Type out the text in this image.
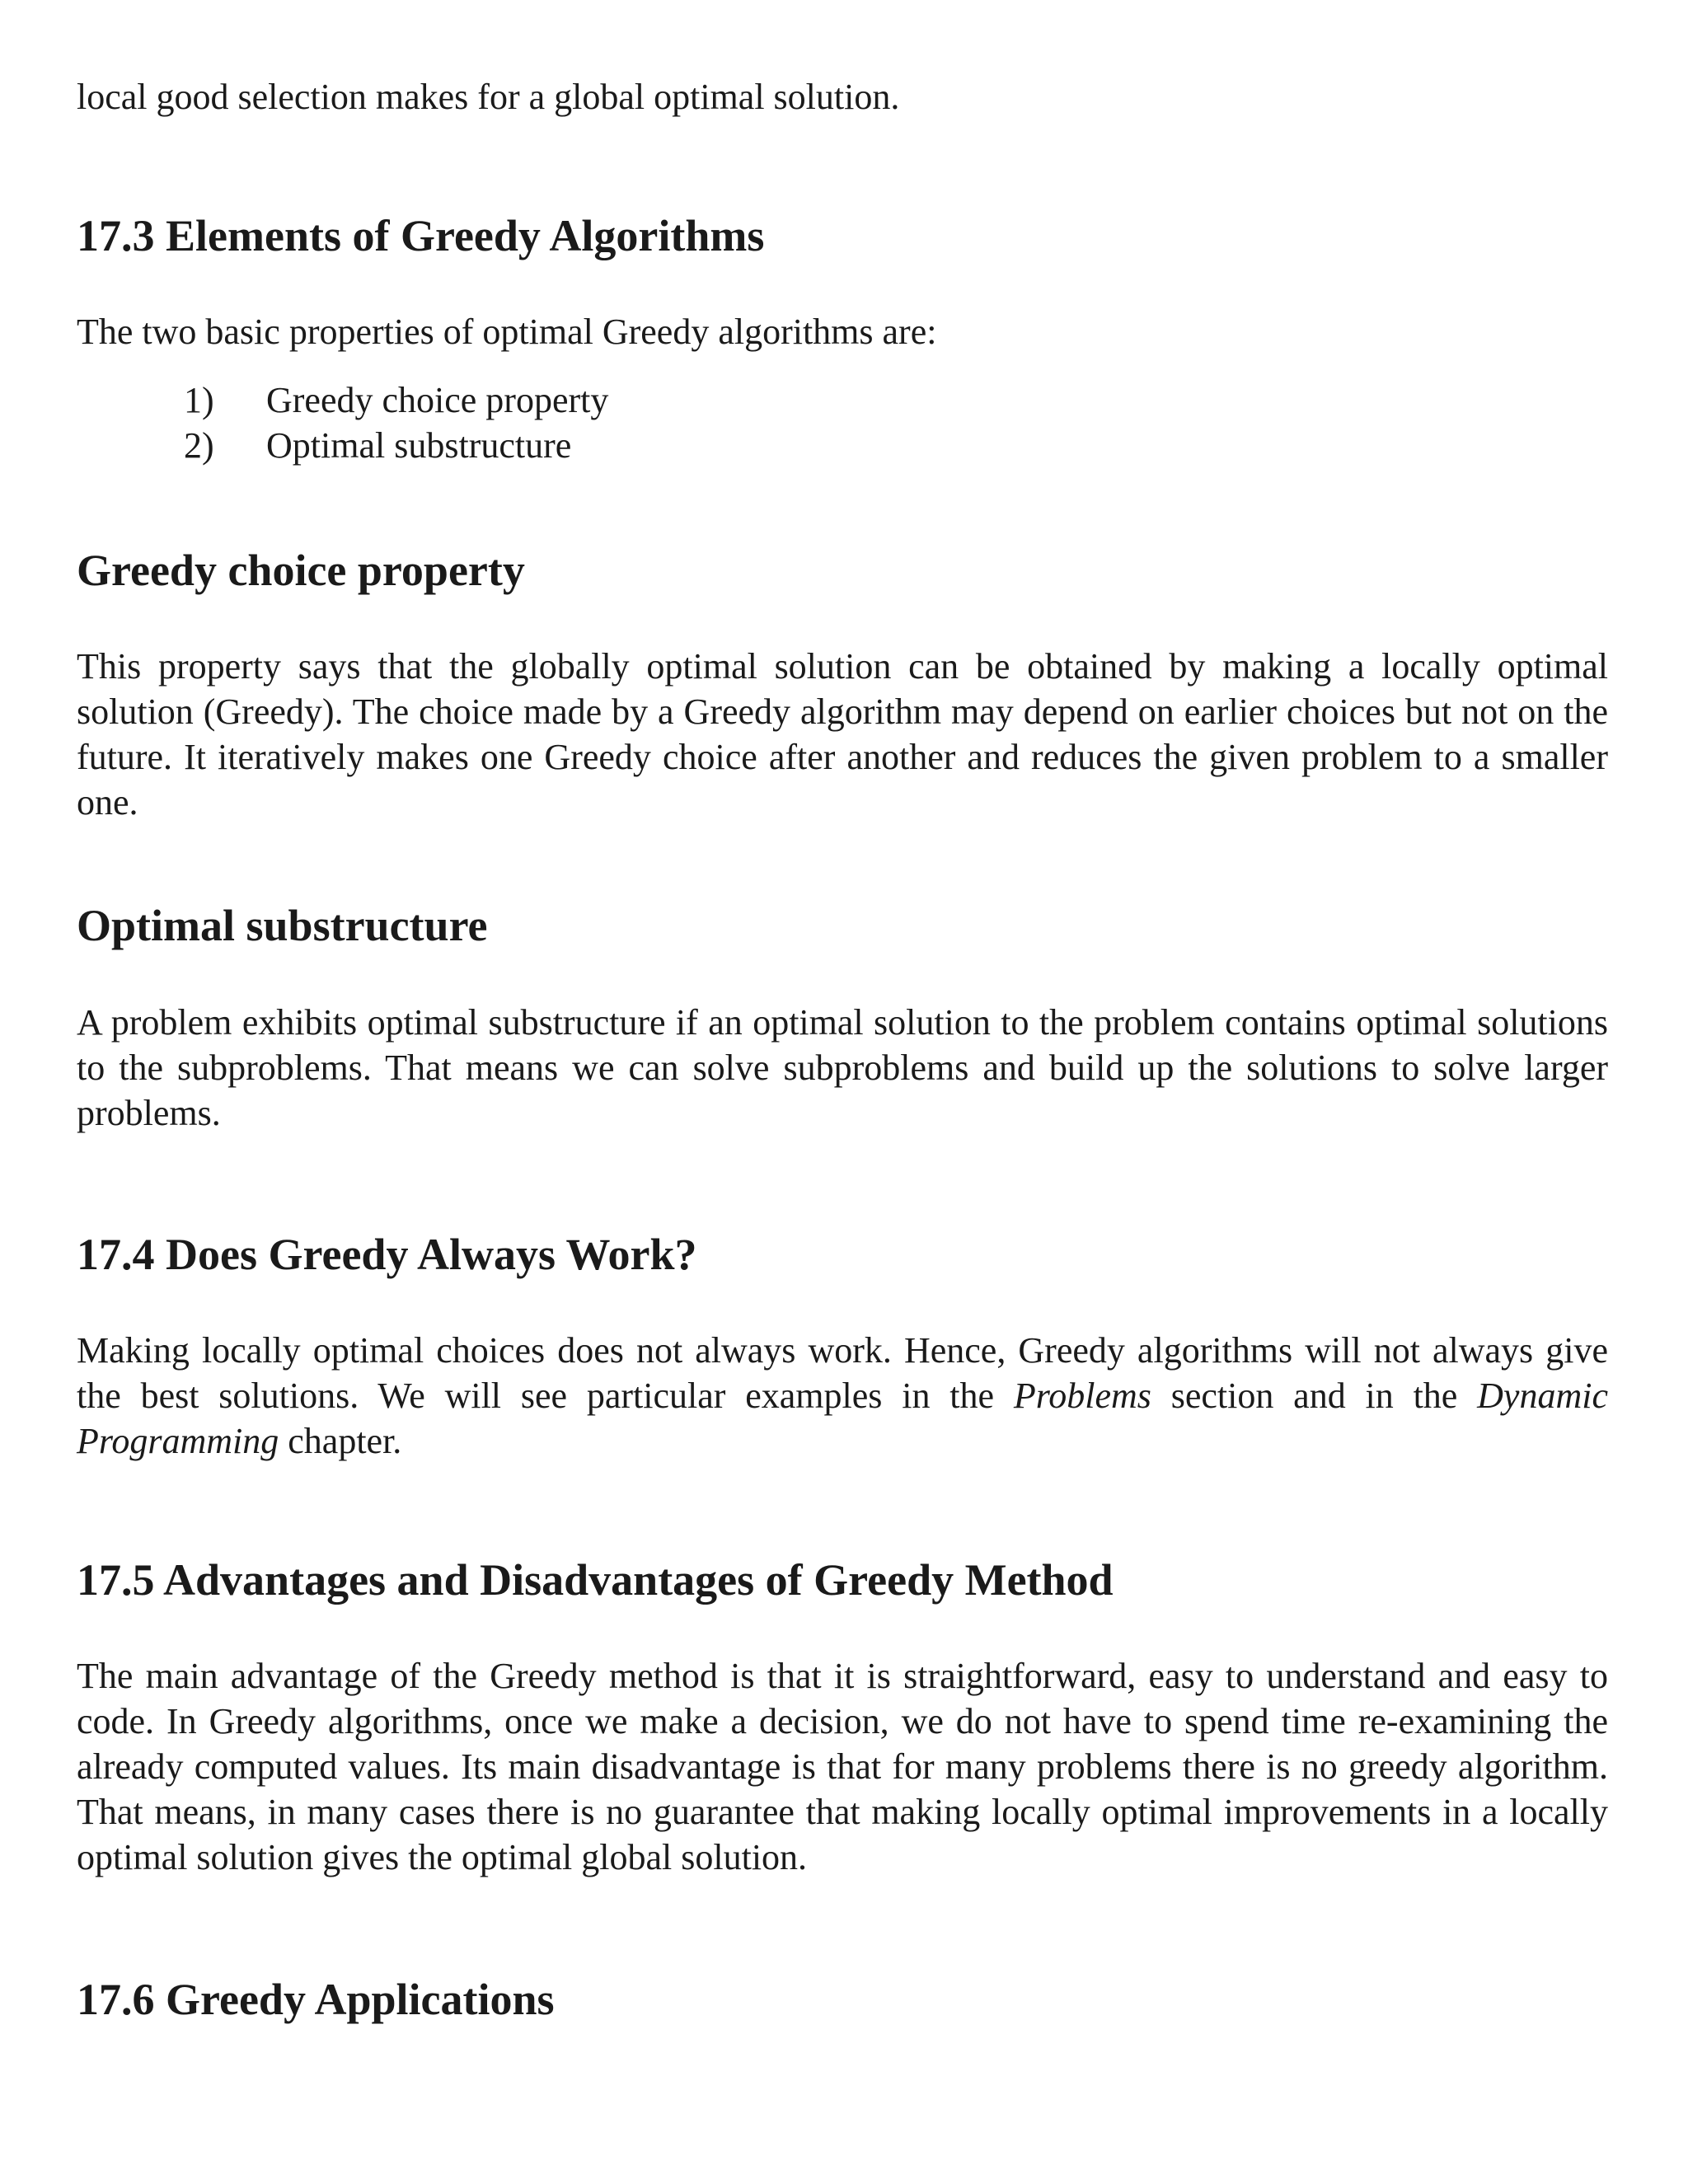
local good selection makes for a global optimal solution.

17.3 Elements of Greedy Algorithms

The two basic properties of optimal Greedy algorithms are:

1)	Greedy choice property
2)	Optimal substructure
Greedy choice property

This property says that the globally optimal solution can be obtained by making a locally optimal solution (Greedy). The choice made by a Greedy algorithm may depend on earlier choices but not on the future. It iteratively makes one Greedy choice after another and reduces the given problem to a smaller one.

Optimal substructure

A problem exhibits optimal substructure if an optimal solution to the problem contains optimal solutions to the subproblems. That means we can solve subproblems and build up the solutions to solve larger problems.

17.4 Does Greedy Always Work?

Making locally optimal choices does not always work. Hence, Greedy algorithms will not always give the best solutions. We will see particular examples in the Problems section and in the Dynamic Programming chapter.

17.5 Advantages and Disadvantages of Greedy Method

The main advantage of the Greedy method is that it is straightforward, easy to understand and easy to code. In Greedy algorithms, once we make a decision, we do not have to spend time re-examining the already computed values. Its main disadvantage is that for many problems there is no greedy algorithm. That means, in many cases there is no guarantee that making locally optimal improvements in a locally optimal solution gives the optimal global solution.

17.6 Greedy Applications
